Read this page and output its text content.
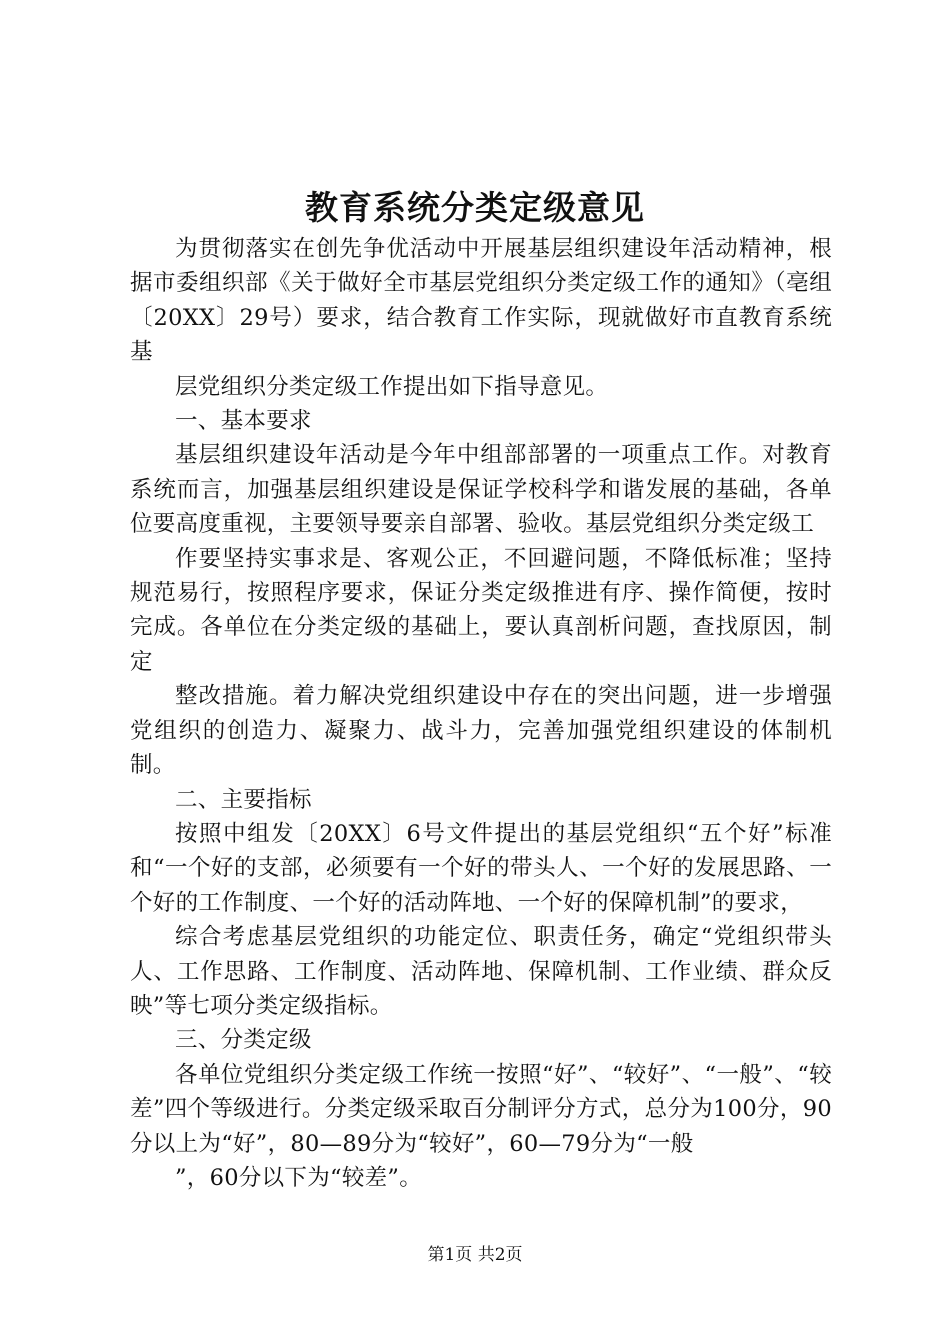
教育系统分类定级意见

为贯彻落实在创先争优活动中开展基层组织建设年活动精神，根据市委组织部《关于做好全市基层党组织分类定级工作的通知》（亳组〔20XX〕29号）要求，结合教育工作实际，现就做好市直教育系统基

层党组织分类定级工作提出如下指导意见。

一、基本要求

基层组织建设年活动是今年中组部部署的一项重点工作。对教育系统而言，加强基层组织建设是保证学校科学和谐发展的基础，各单位要高度重视，主要领导要亲自部署、验收。基层党组织分类定级工

作要坚持实事求是、客观公正，不回避问题，不降低标准；坚持规范易行，按照程序要求，保证分类定级推进有序、操作简便，按时完成。各单位在分类定级的基础上，要认真剖析问题，查找原因，制定

整改措施。着力解决党组织建设中存在的突出问题，进一步增强党组织的创造力、凝聚力、战斗力，完善加强党组织建设的体制机制。

二、主要指标

按照中组发〔20XX〕6号文件提出的基层党组织“五个好”标准和“一个好的支部，必须要有一个好的带头人、一个好的发展思路、一个好的工作制度、一个好的活动阵地、一个好的保障机制”的要求，

综合考虑基层党组织的功能定位、职责任务，确定“党组织带头人、工作思路、工作制度、活动阵地、保障机制、工作业绩、群众反映”等七项分类定级指标。

三、分类定级

各单位党组织分类定级工作统一按照“好”、“较好”、“一般”、“较差”四个等级进行。分类定级采取百分制评分方式，总分为100分，90分以上为“好”，80—89分为“较好”，60—79分为“一般

”，60分以下为“较差”。

第1页 共2页
